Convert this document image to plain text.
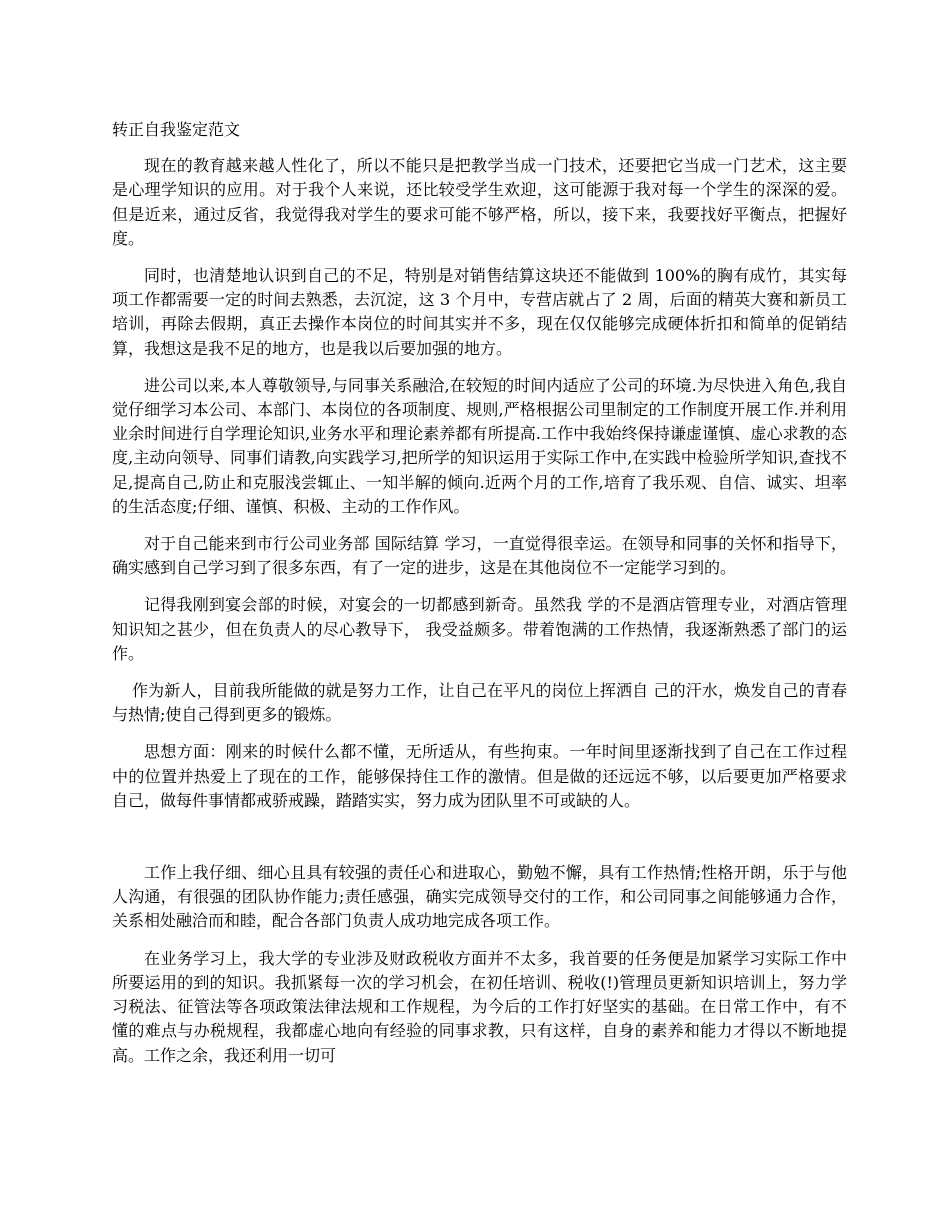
转正自我鉴定范文

现在的教育越来越人性化了，所以不能只是把教学当成一门技术，还要把它当成一门艺术，这主要是心理学知识的应用。对于我个人来说，还比较受学生欢迎，这可能源于我对每一个学生的深深的爱。但是近来，通过反省，我觉得我对学生的要求可能不够严格，所以，接下来，我要找好平衡点，把握好度。

同时，也清楚地认识到自己的不足，特别是对销售结算这块还不能做到 100%的胸有成竹，其实每项工作都需要一定的时间去熟悉，去沉淀，这 3 个月中，专营店就占了 2 周，后面的精英大赛和新员工培训，再除去假期，真正去操作本岗位的时间其实并不多，现在仅仅能够完成硬体折扣和简单的促销结算，我想这是我不足的地方，也是我以后要加强的地方。

进公司以来,本人尊敬领导,与同事关系融洽,在较短的时间内适应了公司的环境.为尽快进入角色,我自觉仔细学习本公司、本部门、本岗位的各项制度、规则,严格根据公司里制定的工作制度开展工作.并利用业余时间进行自学理论知识,业务水平和理论素养都有所提高.工作中我始终保持谦虚谨慎、虚心求教的态度,主动向领导、同事们请教,向实践学习,把所学的知识运用于实际工作中,在实践中检验所学知识,查找不足,提高自己,防止和克服浅尝辄止、一知半解的倾向.近两个月的工作,培育了我乐观、自信、诚实、坦率的生活态度;仔细、谨慎、积极、主动的工作作风。

对于自己能来到市行公司业务部 国际结算 学习，一直觉得很幸运。在领导和同事的关怀和指导下，确实感到自己学习到了很多东西，有了一定的进步，这是在其他岗位不一定能学习到的。

记得我刚到宴会部的时候，对宴会的一切都感到新奇。虽然我 学的不是酒店管理专业，对酒店管理知识知之甚少，但在负责人的尽心教导下， 我受益颇多。带着饱满的工作热情，我逐渐熟悉了部门的运作。

作为新人，目前我所能做的就是努力工作，让自己在平凡的岗位上挥洒自 己的汗水，焕发自己的青春与热情;使自己得到更多的锻炼。

思想方面：刚来的时候什么都不懂，无所适从，有些拘束。一年时间里逐渐找到了自己在工作过程中的位置并热爱上了现在的工作，能够保持住工作的激情。但是做的还远远不够，以后要更加严格要求自己，做每件事情都戒骄戒躁，踏踏实实，努力成为团队里不可或缺的人。

工作上我仔细、细心且具有较强的责任心和进取心，勤勉不懈，具有工作热情;性格开朗，乐于与他人沟通，有很强的团队协作能力;责任感强，确实完成领导交付的工作，和公司同事之间能够通力合作，关系相处融洽而和睦，配合各部门负责人成功地完成各项工作。

在业务学习上，我大学的专业涉及财政税收方面并不太多，我首要的任务便是加紧学习实际工作中所要运用的到的知识。我抓紧每一次的学习机会，在初任培训、税收(!)管理员更新知识培训上，努力学习税法、征管法等各项政策法律法规和工作规程，为今后的工作打好坚实的基础。在日常工作中，有不懂的难点与办税规程，我都虚心地向有经验的同事求教，只有这样，自身的素养和能力才得以不断地提高。工作之余，我还利用一切可
